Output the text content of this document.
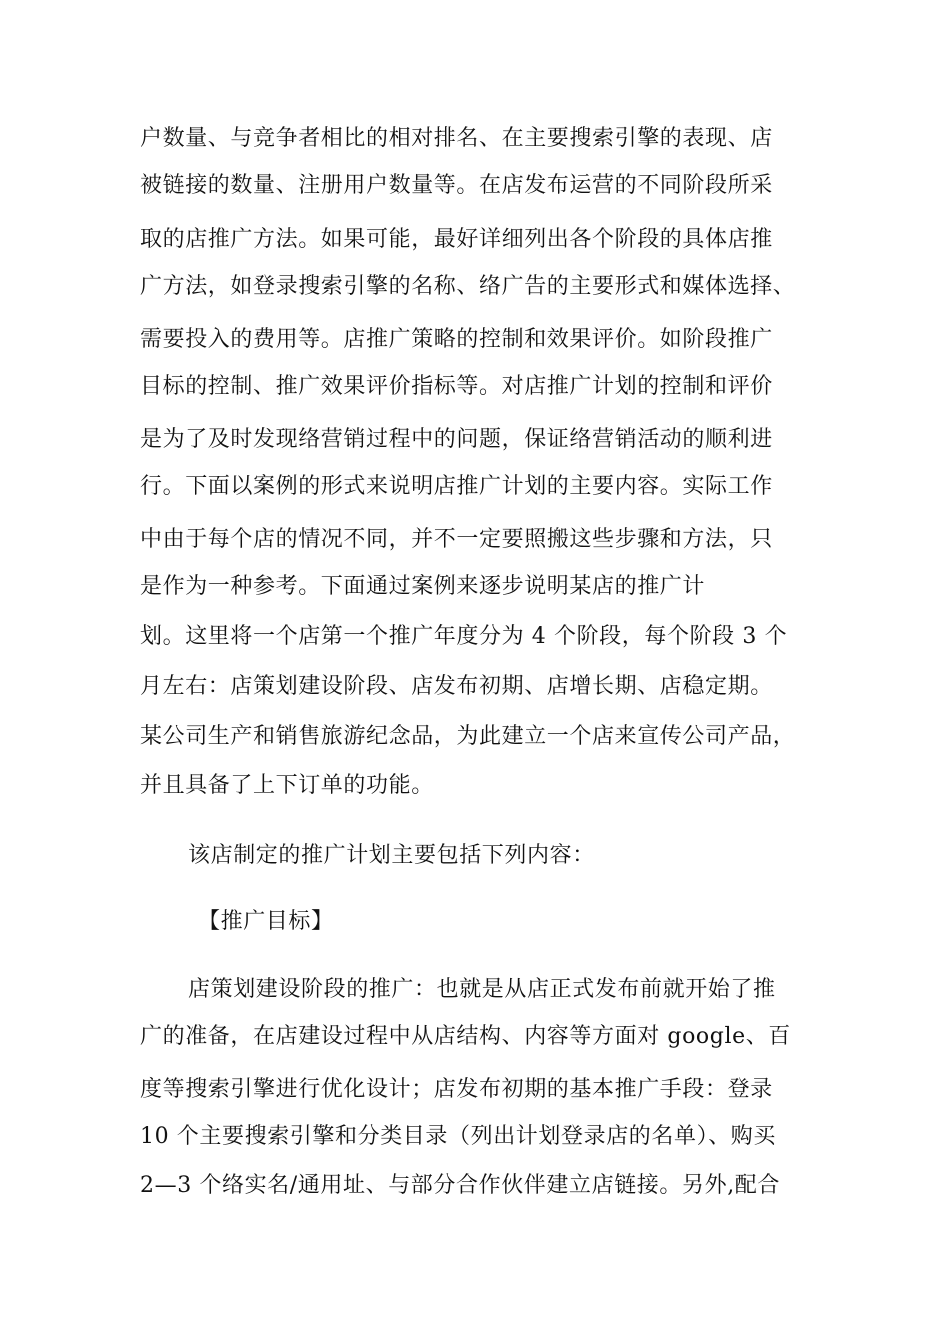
户数量、与竞争者相比的相对排名、在主要搜索引擎的表现、店
被链接的数量、注册用户数量等。在店发布运营的不同阶段所采
取的店推广方法。如果可能，最好详细列出各个阶段的具体店推
广方法，如登录搜索引擎的名称、络广告的主要形式和媒体选择、
需要投入的费用等。店推广策略的控制和效果评价。如阶段推广
目标的控制、推广效果评价指标等。对店推广计划的控制和评价
是为了及时发现络营销过程中的问题，保证络营销活动的顺利进
行。下面以案例的形式来说明店推广计划的主要内容。实际工作
中由于每个店的情况不同，并不一定要照搬这些步骤和方法，只
是作为一种参考。下面通过案例来逐步说明某店的推广计
划。这里将一个店第一个推广年度分为 4 个阶段，每个阶段 3 个
月左右：店策划建设阶段、店发布初期、店增长期、店稳定期。
某公司生产和销售旅游纪念品，为此建立一个店来宣传公司产品，
并且具备了上下订单的功能。
该店制定的推广计划主要包括下列内容：
【推广目标】
店策划建设阶段的推广：也就是从店正式发布前就开始了推
广的准备，在店建设过程中从店结构、内容等方面对 google、百
度等搜索引擎进行优化设计；店发布初期的基本推广手段：登录
10 个主要搜索引擎和分类目录（列出计划登录店的名单）、购买
2—3 个络实名/通用址、与部分合作伙伴建立店链接。另外,配合
